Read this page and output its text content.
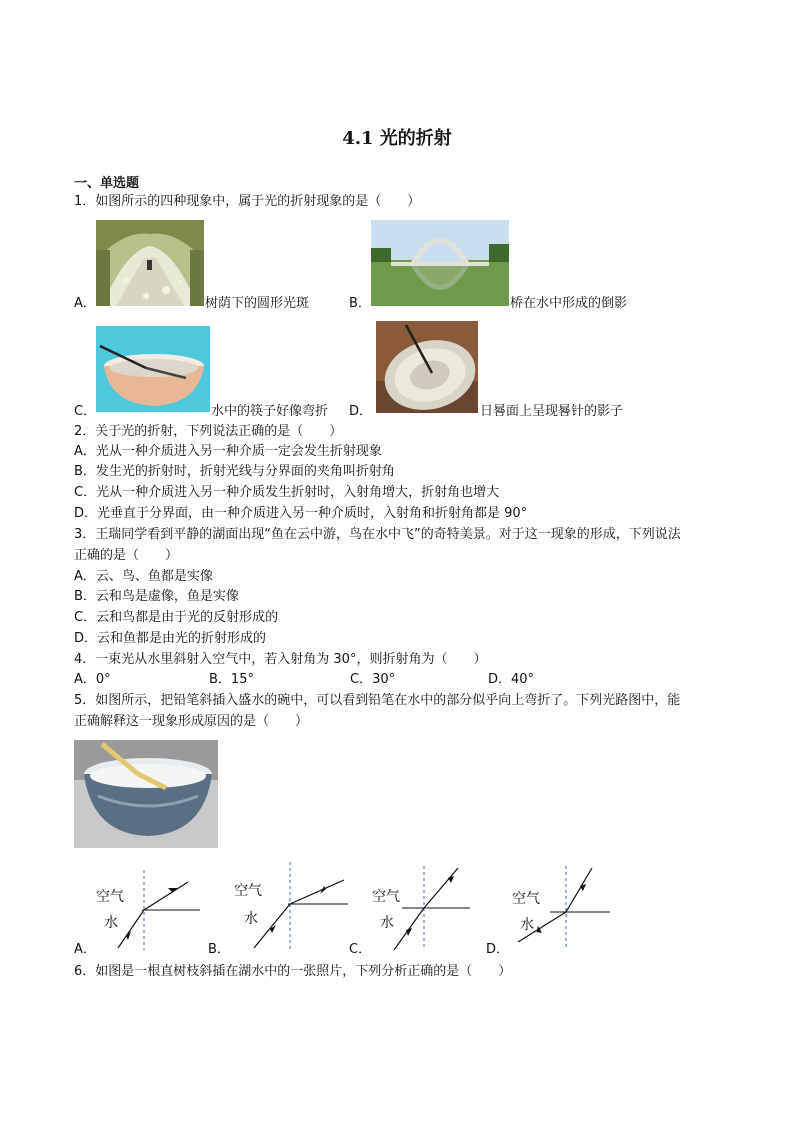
4.1 光的折射
一、单选题
1．如图所示的四种现象中，属于光的折射现象的是（　　）
A．	树荫下的圆形光斑	B．	桥在水中形成的倒影
C．	水中的筷子好像弯折 D．	日晷面上呈现晷针的影子
2．关于光的折射，下列说法正确的是（　　）
A．光从一种介质进入另一种介质一定会发生折射现象
B．发生光的折射时，折射光线与分界面的夹角叫折射角
C．光从一种介质进入另一种介质发生折射时，入射角增大，折射角也增大
D．光垂直于分界面，由一种介质进入另一种介质时，入射角和折射角都是 90°
3．王瑞同学看到平静的湖面出现“鱼在云中游，鸟在水中飞”的奇特美景。对于这一现象的形成，下列说法
正确的是（　　）
A．云、鸟、鱼都是实像
B．云和鸟是虚像，鱼是实像
C．云和鸟都是由于光的反射形成的
D．云和鱼都是由光的折射形成的
4．一束光从水里斜射入空气中，若入射角为 30°，则折射角为（　　）
A．0°	B．15°	C．30°	D．40°
5．如图所示，把铅笔斜插入盛水的碗中，可以看到铅笔在水中的部分似乎向上弯折了。下列光路图中，能
正确解释这一现象形成原因的是（　　）
A．
空气
水
B．
空气
水
C．
空气
水
D．
空气
水
6．如图是一根直树枝斜插在湖水中的一张照片，下列分析正确的是（　　）
